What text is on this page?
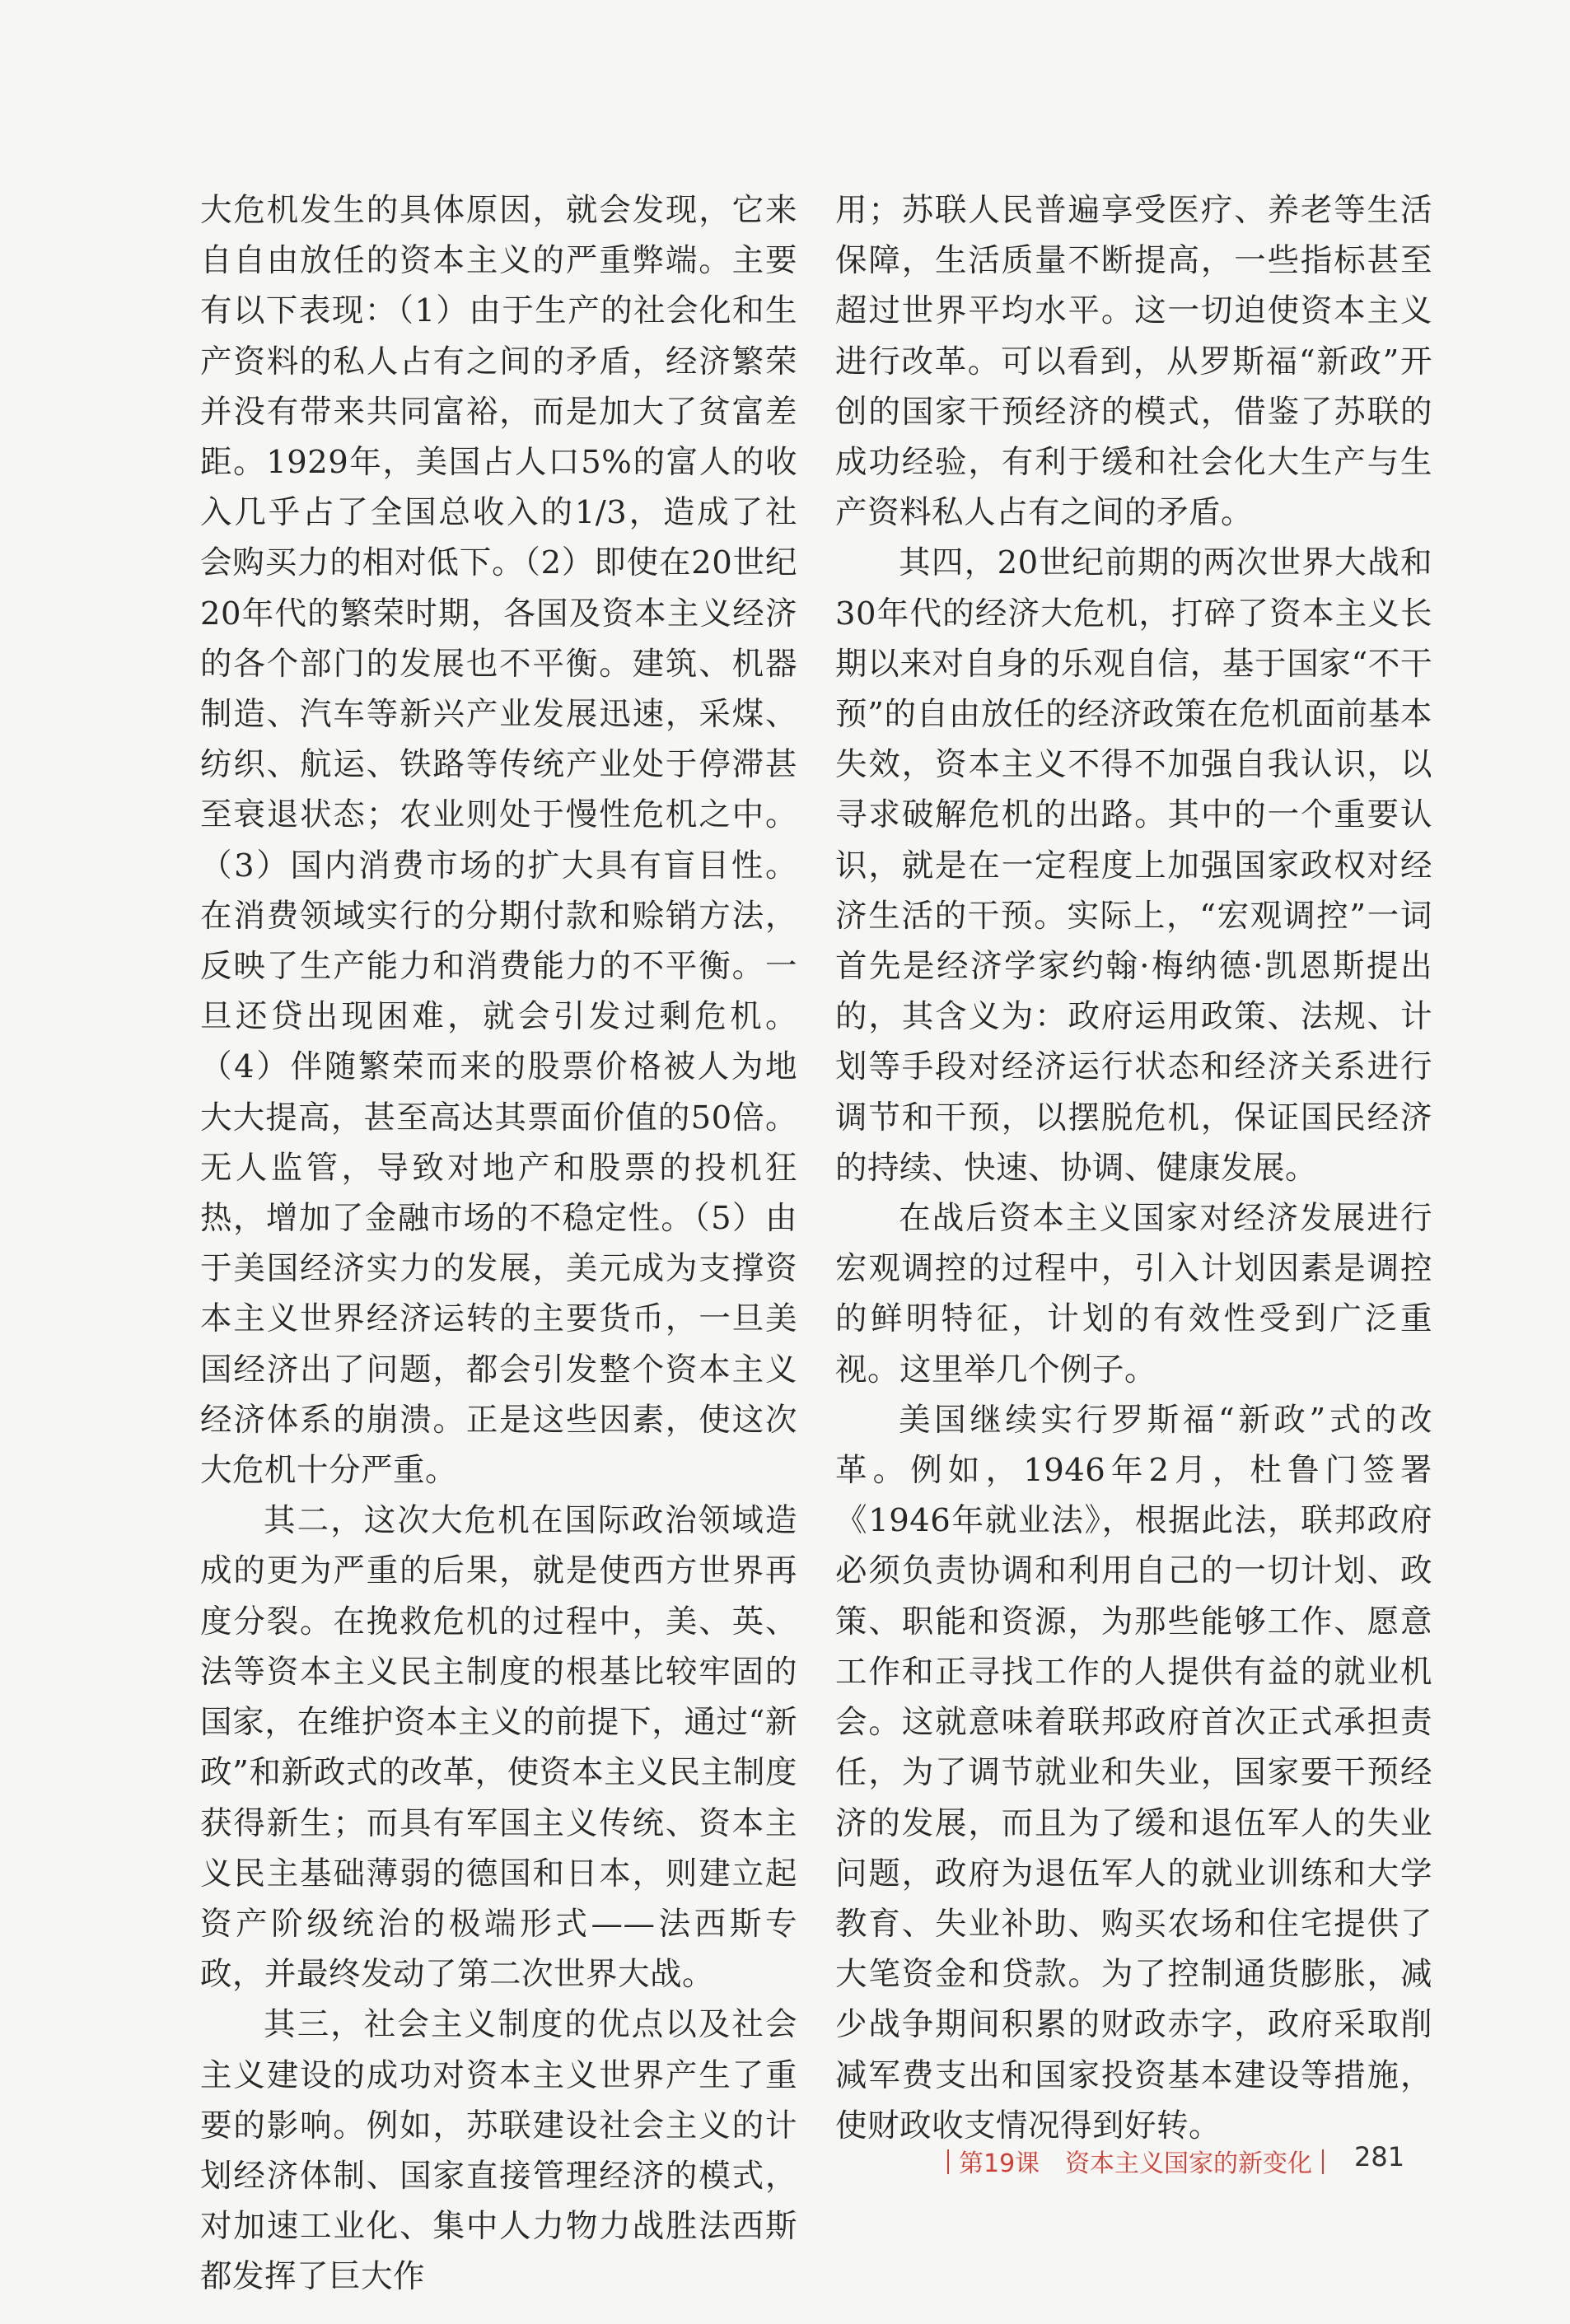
大危机发生的具体原因，就会发现，它来自自由放任的资本主义的严重弊端。主要有以下表现：（1）由于生产的社会化和生产资料的私人占有之间的矛盾，经济繁荣并没有带来共同富裕，而是加大了贫富差距。1929年，美国占人口5%的富人的收入几乎占了全国总收入的1/3，造成了社会购买力的相对低下。（2）即使在20世纪20年代的繁荣时期，各国及资本主义经济的各个部门的发展也不平衡。建筑、机器制造、汽车等新兴产业发展迅速，采煤、纺织、航运、铁路等传统产业处于停滞甚至衰退状态；农业则处于慢性危机之中。（3）国内消费市场的扩大具有盲目性。在消费领域实行的分期付款和赊销方法，反映了生产能力和消费能力的不平衡。一旦还贷出现困难，就会引发过剩危机。（4）伴随繁荣而来的股票价格被人为地大大提高，甚至高达其票面价值的50倍。无人监管，导致对地产和股票的投机狂热，增加了金融市场的不稳定性。（5）由于美国经济实力的发展，美元成为支撑资本主义世界经济运转的主要货币，一旦美国经济出了问题，都会引发整个资本主义经济体系的崩溃。正是这些因素，使这次大危机十分严重。

其二，这次大危机在国际政治领域造成的更为严重的后果，就是使西方世界再度分裂。在挽救危机的过程中，美、英、法等资本主义民主制度的根基比较牢固的国家，在维护资本主义的前提下，通过“新政”和新政式的改革，使资本主义民主制度获得新生；而具有军国主义传统、资本主义民主基础薄弱的德国和日本，则建立起资产阶级统治的极端形式——法西斯专政，并最终发动了第二次世界大战。

其三，社会主义制度的优点以及社会主义建设的成功对资本主义世界产生了重要的影响。例如，苏联建设社会主义的计划经济体制、国家直接管理经济的模式，对加速工业化、集中人力物力战胜法西斯都发挥了巨大作

用；苏联人民普遍享受医疗、养老等生活保障，生活质量不断提高，一些指标甚至超过世界平均水平。这一切迫使资本主义进行改革。可以看到，从罗斯福“新政”开创的国家干预经济的模式，借鉴了苏联的成功经验，有利于缓和社会化大生产与生产资料私人占有之间的矛盾。

其四，20世纪前期的两次世界大战和30年代的经济大危机，打碎了资本主义长期以来对自身的乐观自信，基于国家“不干预”的自由放任的经济政策在危机面前基本失效，资本主义不得不加强自我认识，以寻求破解危机的出路。其中的一个重要认识，就是在一定程度上加强国家政权对经济生活的干预。实际上，“宏观调控”一词首先是经济学家约翰·梅纳德·凯恩斯提出的，其含义为：政府运用政策、法规、计划等手段对经济运行状态和经济关系进行调节和干预，以摆脱危机，保证国民经济的持续、快速、协调、健康发展。

在战后资本主义国家对经济发展进行宏观调控的过程中，引入计划因素是调控的鲜明特征，计划的有效性受到广泛重视。这里举几个例子。

美国继续实行罗斯福“新政”式的改革。例如，1946年2月，杜鲁门签署《1946年就业法》，根据此法，联邦政府必须负责协调和利用自己的一切计划、政策、职能和资源，为那些能够工作、愿意工作和正寻找工作的人提供有益的就业机会。这就意味着联邦政府首次正式承担责任，为了调节就业和失业，国家要干预经济的发展，而且为了缓和退伍军人的失业问题，政府为退伍军人的就业训练和大学教育、失业补助、购买农场和住宅提供了大笔资金和贷款。为了控制通货膨胀，减少战争期间积累的财政赤字，政府采取削减军费支出和国家投资基本建设等措施，使财政收支情况得到好转。

第19课 资本主义国家的新变化 281
